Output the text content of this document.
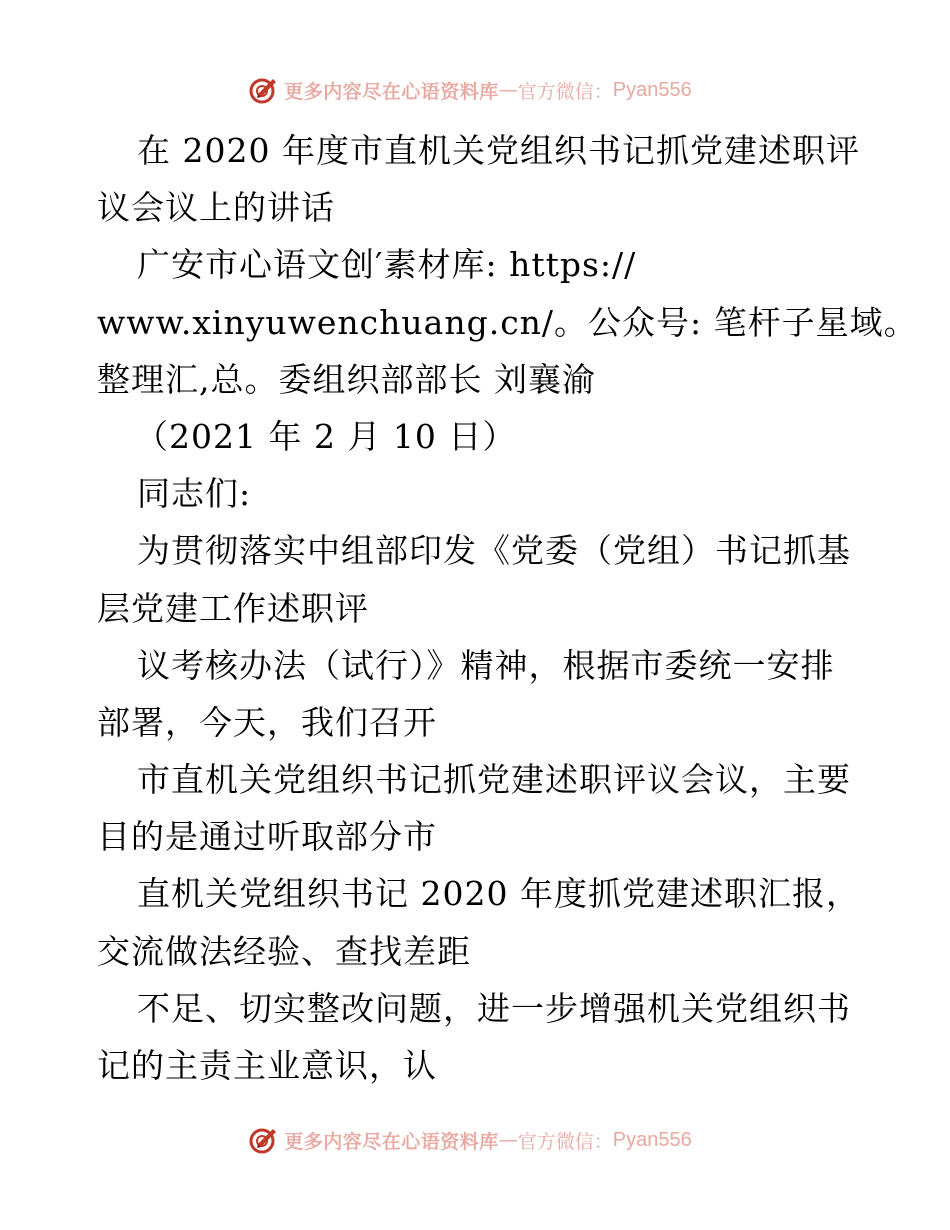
更多内容尽在心语资料库 — 官方微信： Pyan556
在 2020 年度市直机关党组织书记抓党建述职评
议会议上的讲话
广安市心语文创′素材库: https://
www.xinyuwenchuang.cn/。公众号: 笔杆子星域。
整理汇,总。委组织部部长 刘襄渝
（2021 年 2 月 10 日）
同志们:
为贯彻落实中组部印发《党委（党组）书记抓基
层党建工作述职评
议考核办法（试行）》精神，根据市委统一安排
部署，今天，我们召开
市直机关党组织书记抓党建述职评议会议，主要
目的是通过听取部分市
直机关党组织书记 2020 年度抓党建述职汇报，
交流做法经验、查找差距
不足、切实整改问题，进一步增强机关党组织书
记的主责主业意识，认
更多内容尽在心语资料库 — 官方微信： Pyan556
